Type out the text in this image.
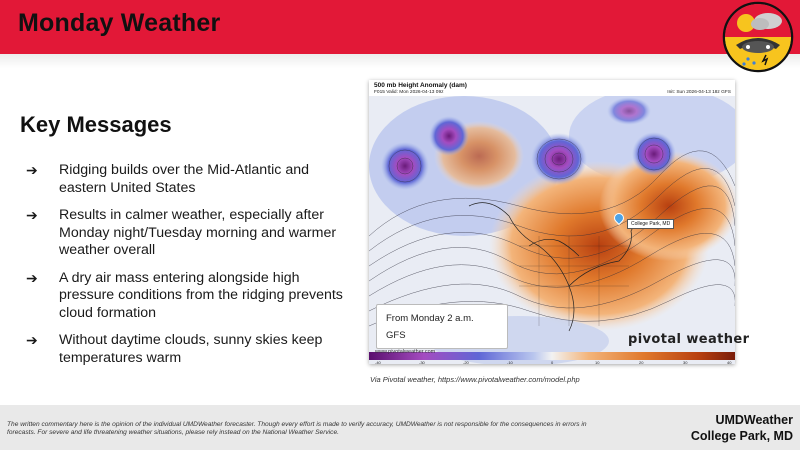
Monday Weather
Key Messages
➔ Ridging builds over the Mid-Atlantic and eastern United States
➔ Results in calmer weather, especially after Monday night/Tuesday morning and warmer weather overall
➔ A dry air mass entering alongside high pressure conditions from the ridging prevents cloud formation
➔ Without daytime clouds, sunny skies keep temperatures warm
500 mb Height Anomaly (dam)
F015 Valid: Mon 2026-04-13 09z	Init: Sun 2026-04-13 18z GFS
College Park, MD
-40	-30	-20	-10	0	10	20	30	40
From Monday 2 a.m.
GFS	pivotal weather
www.pivotalweather.com
Via Pivotal weather, https://www.pivotalweather.com/model.php
The written commentary here is the opinion of the individual UMDWeather forecaster. Though every effort is made to verify accuracy, UMDWeather is not responsible for the consequences in errors in forecasts. For severe and life threatening weather situations, please rely instead on the National Weather Service.
UMDWeather
College Park, MD
